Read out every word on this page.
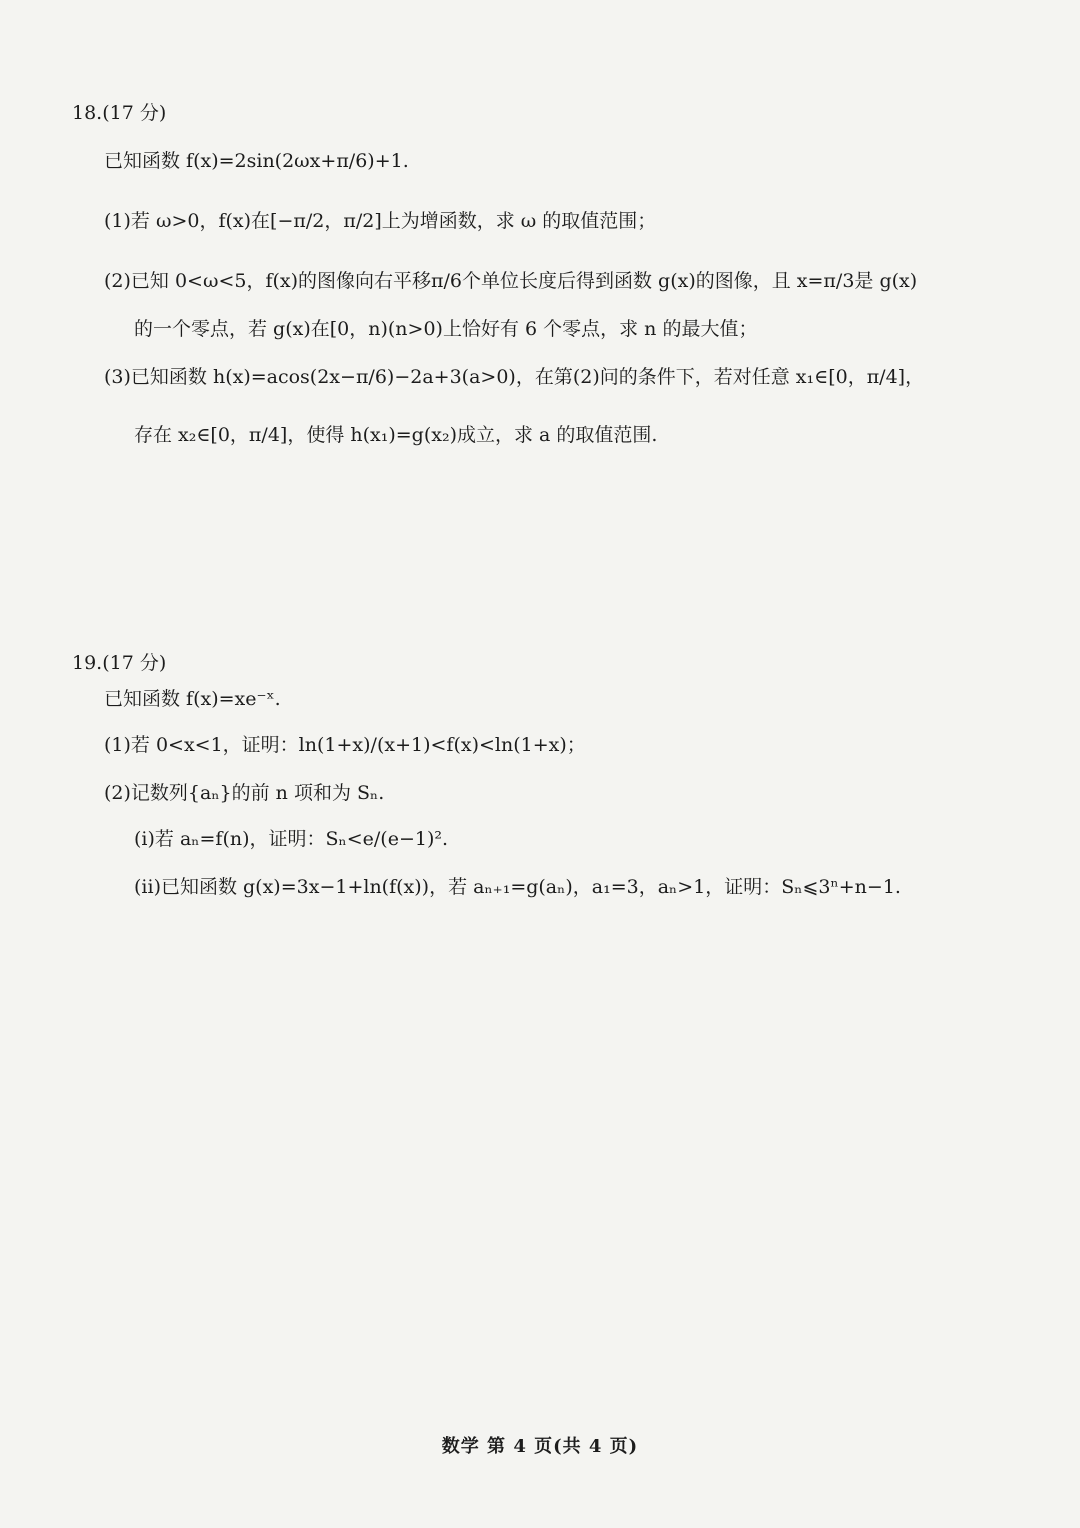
18.(17 分)
已知函数 f(x)=2sin(2ωx+π/6)+1.
(1)若 ω>0，f(x)在[−π/2，π/2]上为增函数，求 ω 的取值范围；
(2)已知 0<ω<5，f(x)的图像向右平移π/6个单位长度后得到函数 g(x)的图像，且 x=π/3是 g(x)
的一个零点，若 g(x)在[0，n)(n>0)上恰好有 6 个零点，求 n 的最大值；
(3)已知函数 h(x)=acos(2x−π/6)−2a+3(a>0)，在第(2)问的条件下，若对任意 x₁∈[0，π/4]，
存在 x₂∈[0，π/4]，使得 h(x₁)=g(x₂)成立，求 a 的取值范围.
19.(17 分)
已知函数 f(x)=xe⁻ˣ.
(1)若 0<x<1，证明：ln(1+x)/(x+1)<f(x)<ln(1+x)；
(2)记数列{aₙ}的前 n 项和为 Sₙ.
(i)若 aₙ=f(n)，证明：Sₙ<e/(e−1)².
(ii)已知函数 g(x)=3x−1+ln(f(x))，若 aₙ₊₁=g(aₙ)，a₁=3，aₙ>1，证明：Sₙ⩽3ⁿ+n−1.
数学 第 4 页(共 4 页)
